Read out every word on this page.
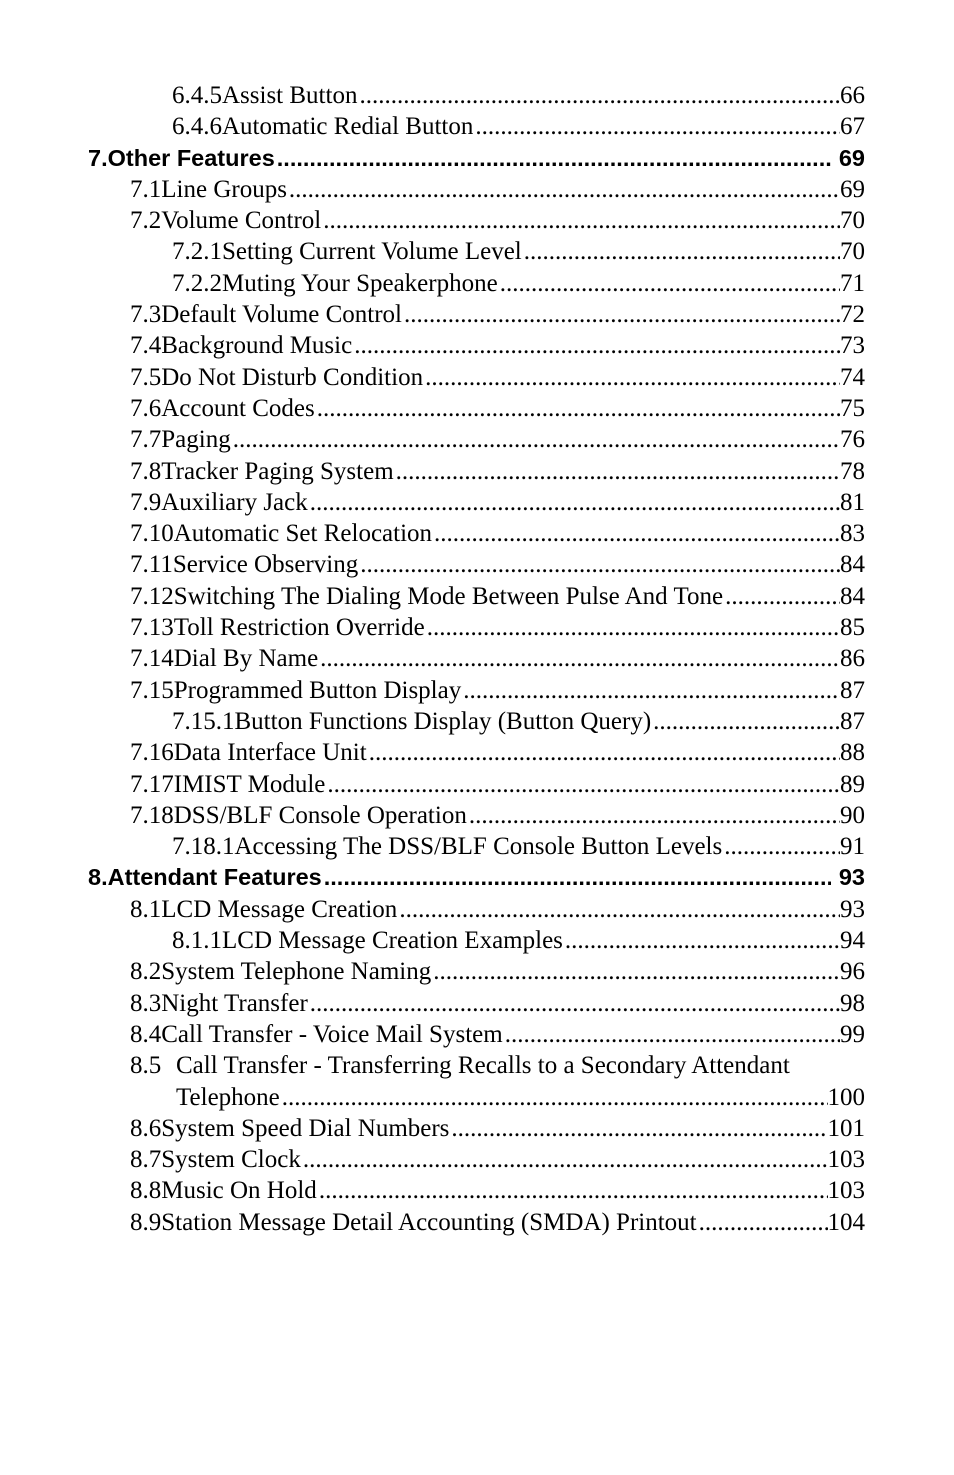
6.4.5 Assist Button .....	66
6.4.6 Automatic Redial Button .....	67
7. Other Features .....	69
7.1 Line Groups .....	69
7.2 Volume Control .....	70
7.2.1 Setting Current Volume Level .....	70
7.2.2 Muting Your Speakerphone .....	71
7.3 Default Volume Control .....	72
7.4 Background Music .....	73
7.5 Do Not Disturb Condition .....	74
7.6 Account Codes .....	75
7.7 Paging .....	76
7.8 Tracker Paging System .....	78
7.9 Auxiliary Jack .....	81
7.10 Automatic Set Relocation .....	83
7.11 Service Observing .....	84
7.12 Switching The Dialing Mode Between Pulse And Tone .....	84
7.13 Toll Restriction Override .....	85
7.14 Dial By Name .....	86
7.15 Programmed Button Display .....	87
7.15.1 Button Functions Display (Button Query) .....	87
7.16 Data Interface Unit .....	88
7.17 IMIST Module .....	89
7.18 DSS/BLF Console Operation .....	90
7.18.1 Accessing The DSS/BLF Console Button Levels .....	91
8. Attendant Features .....	93
8.1 LCD Message Creation .....	93
8.1.1 LCD Message Creation Examples .....	94
8.2 System Telephone Naming .....	96
8.3 Night Transfer .....	98
8.4 Call Transfer - Voice Mail System .....	99
8.5 Call Transfer - Transferring Recalls to a Secondary Attendant
Telephone .....	100
8.6 System Speed Dial Numbers .....	101
8.7 System Clock .....	103
8.8 Music On Hold .....	103
8.9 Station Message Detail Accounting (SMDA) Printout .....	104
